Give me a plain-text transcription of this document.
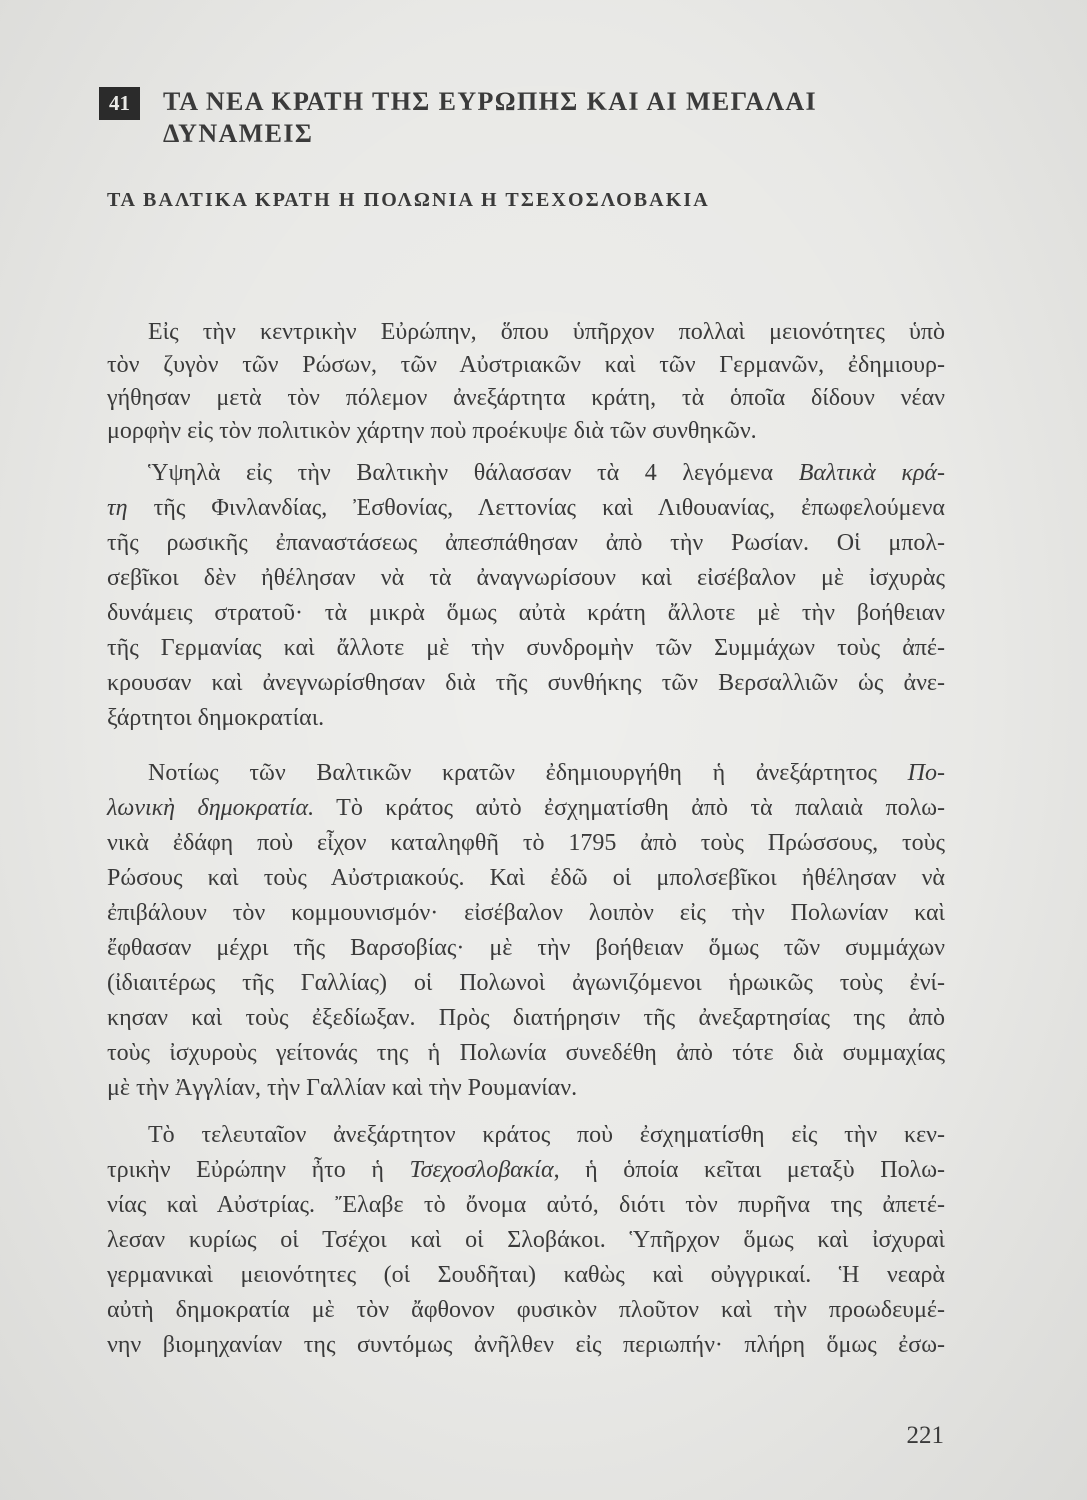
41	ΤΑ ΝΕΑ ΚΡΑΤΗ ΤΗΣ ΕΥΡΩΠΗΣ ΚΑΙ ΑΙ ΜΕΓΑΛΑΙ
ΔΥΝΑΜΕΙΣ
ΤΑ ΒΑΛΤΙΚΑ ΚΡΑΤΗ Η ΠΟΛΩΝΙΑ Η ΤΣΕΧΟΣΛΟΒΑΚΙΑ
Εἰς τὴν κεντρικὴν Εὐρώπην, ὅπου ὑπῆρχον πολλαὶ μειονότητες ὑπὸ
τὸν ζυγὸν τῶν Ρώσων, τῶν Αὐστριακῶν καὶ τῶν Γερμανῶν, ἐδημιουρ-
γήθησαν μετὰ τὸν πόλεμον ἀνεξάρτητα κράτη, τὰ ὁποῖα δίδουν νέαν
μορφὴν εἰς τὸν πολιτικὸν χάρτην ποὺ προέκυψε διὰ τῶν συνθηκῶν.
Ὑψηλὰ εἰς τὴν Βαλτικὴν θάλασσαν τὰ 4 λεγόμενα Βαλτικὰ κρά-
τη τῆς Φινλανδίας, Ἐσθονίας, Λεττονίας καὶ Λιθουανίας, ἐπωφελούμενα
τῆς ρωσικῆς ἐπαναστάσεως ἀπεσπάθησαν ἀπὸ τὴν Ρωσίαν. Οἱ μπολ-
σεβῖκοι δὲν ἠθέλησαν νὰ τὰ ἀναγνωρίσουν καὶ εἰσέβαλον μὲ ἰσχυρὰς
δυνάμεις στρατοῦ· τὰ μικρὰ ὅμως αὐτὰ κράτη ἄλλοτε μὲ τὴν βοήθειαν
τῆς Γερμανίας καὶ ἄλλοτε μὲ τὴν συνδρομὴν τῶν Συμμάχων τοὺς ἀπέ-
κρουσαν καὶ ἀνεγνωρίσθησαν διὰ τῆς συνθήκης τῶν Βερσαλλιῶν ὡς ἀνε-
ξάρτητοι δημοκρατίαι.
Νοτίως τῶν Βαλτικῶν κρατῶν ἐδημιουργήθη ἡ ἀνεξάρτητος Πο-
λωνικὴ δημοκρατία. Τὸ κράτος αὐτὸ ἐσχηματίσθη ἀπὸ τὰ παλαιὰ πολω-
νικὰ ἐδάφη ποὺ εἶχον καταληφθῆ τὸ 1795 ἀπὸ τοὺς Πρώσσους, τοὺς
Ρώσους καὶ τοὺς Αὐστριακούς. Καὶ ἐδῶ οἱ μπολσεβῖκοι ἠθέλησαν νὰ
ἐπιβάλουν τὸν κομμουνισμόν· εἰσέβαλον λοιπὸν εἰς τὴν Πολωνίαν καὶ
ἔφθασαν μέχρι τῆς Βαρσοβίας· μὲ τὴν βοήθειαν ὅμως τῶν συμμάχων
(ἰδιαιτέρως τῆς Γαλλίας) οἱ Πολωνοὶ ἀγωνιζόμενοι ἡρωικῶς τοὺς ἐνί-
κησαν καὶ τοὺς ἐξεδίωξαν. Πρὸς διατήρησιν τῆς ἀνεξαρτησίας της ἀπὸ
τοὺς ἰσχυροὺς γείτονάς της ἡ Πολωνία συνεδέθη ἀπὸ τότε διὰ συμμαχίας
μὲ τὴν Ἀγγλίαν, τὴν Γαλλίαν καὶ τὴν Ρουμανίαν.
Τὸ τελευταῖον ἀνεξάρτητον κράτος ποὺ ἐσχηματίσθη εἰς τὴν κεν-
τρικὴν Εὐρώπην ἦτο ἡ Τσεχοσλοβακία, ἡ ὁποία κεῖται μεταξὺ Πολω-
νίας καὶ Αὐστρίας. Ἔλαβε τὸ ὄνομα αὐτό, διότι τὸν πυρῆνα της ἀπετέ-
λεσαν κυρίως οἱ Τσέχοι καὶ οἱ Σλοβάκοι. Ὑπῆρχον ὅμως καὶ ἰσχυραὶ
γερμανικαὶ μειονότητες (οἱ Σουδῆται) καθὼς καὶ οὐγγρικαί. Ἡ νεαρὰ
αὐτὴ δημοκρατία μὲ τὸν ἄφθονον φυσικὸν πλοῦτον καὶ τὴν προωδευμέ-
νην βιομηχανίαν της συντόμως ἀνῆλθεν εἰς περιωπήν· πλήρη ὅμως ἐσω-
221
